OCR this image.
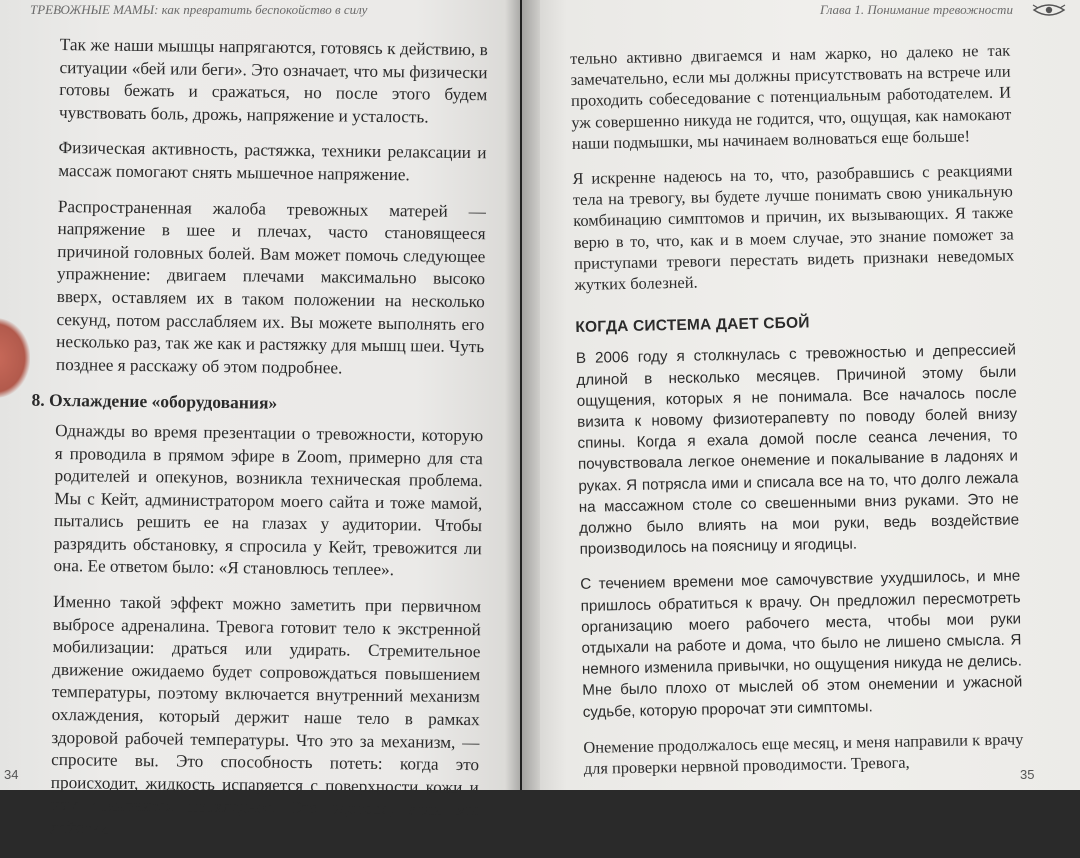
ТРЕВОЖНЫЕ МАМЫ: как превратить беспокойство в силу

Так же наши мышцы напрягаются, готовясь к действию, в ситуации «бей или беги». Это означает, что мы физически готовы бежать и сражаться, но после этого будем чувствовать боль, дрожь, напряжение и усталость.

Физическая активность, растяжка, техники релаксации и массаж помогают снять мышечное напряжение.

Распространенная жалоба тревожных матерей — напряжение в шее и плечах, часто становящееся причиной головных болей. Вам может помочь следующее упражнение: двигаем плечами максимально высоко вверх, оставляем их в таком положении на несколько секунд, потом расслабляем их. Вы можете выполнять его несколько раз, так же как и растяжку для мышц шеи. Чуть позднее я расскажу об этом подробнее.

8. Охлаждение «оборудования»

Однажды во время презентации о тревожности, которую я проводила в прямом эфире в Zoom, примерно для ста родителей и опекунов, возникла техническая проблема. Мы с Кейт, администратором моего сайта и тоже мамой, пытались решить ее на глазах у аудитории. Чтобы разрядить обстановку, я спросила у Кейт, тревожится ли она. Ее ответом было: «Я становлюсь теплее».

Именно такой эффект можно заметить при первичном выбросе адреналина. Тревога готовит тело к экстренной мобилизации: драться или удирать. Стремительное движение ожидаемо будет сопровождаться повышением температуры, поэтому включается внутренний механизм охлаждения, который держит наше тело в рамках здоровой рабочей температуры. Что это за механизм, — спросите вы. Это способность потеть: когда это происходит, жидкость испаряется с поверхности кожи и нам становится прохладнее. Это здорово, если мы действи-

34
Глава 1. Понимание тревожности

тельно активно двигаемся и нам жарко, но далеко не так замечательно, если мы должны присутствовать на встрече или проходить собеседование с потенциальным работодателем. И уж совершенно никуда не годится, что, ощущая, как намокают наши подмышки, мы начинаем волноваться еще больше!

Я искренне надеюсь на то, что, разобравшись с реакциями тела на тревогу, вы будете лучше понимать свою уникальную комбинацию симптомов и причин, их вызывающих. Я также верю в то, что, как и в моем случае, это знание поможет за приступами тревоги перестать видеть признаки неведомых жутких болезней.

КОГДА СИСТЕМА ДАЕТ СБОЙ

В 2006 году я столкнулась с тревожностью и депрессией длиной в несколько месяцев. Причиной этому были ощущения, которых я не понимала. Все началось после визита к новому физиотерапевту по поводу болей внизу спины. Когда я ехала домой после сеанса лечения, то почувствовала легкое онемение и покалывание в ладонях и руках. Я потрясла ими и списала все на то, что долго лежала на массажном столе со свешенными вниз руками. Это не должно было влиять на мои руки, ведь воздействие производилось на поясницу и ягодицы.

С течением времени мое самочувствие ухудшилось, и мне пришлось обратиться к врачу. Он предложил пересмотреть организацию моего рабочего места, чтобы мои руки отдыхали на работе и дома, что было не лишено смысла. Я немного изменила привычки, но ощущения никуда не делись. Мне было плохо от мыслей об этом онемении и ужасной судьбе, которую пророчат эти симптомы.

Онемение продолжалось еще месяц, и меня направили к врачу для проверки нервной проводимости. Тревога,	35
